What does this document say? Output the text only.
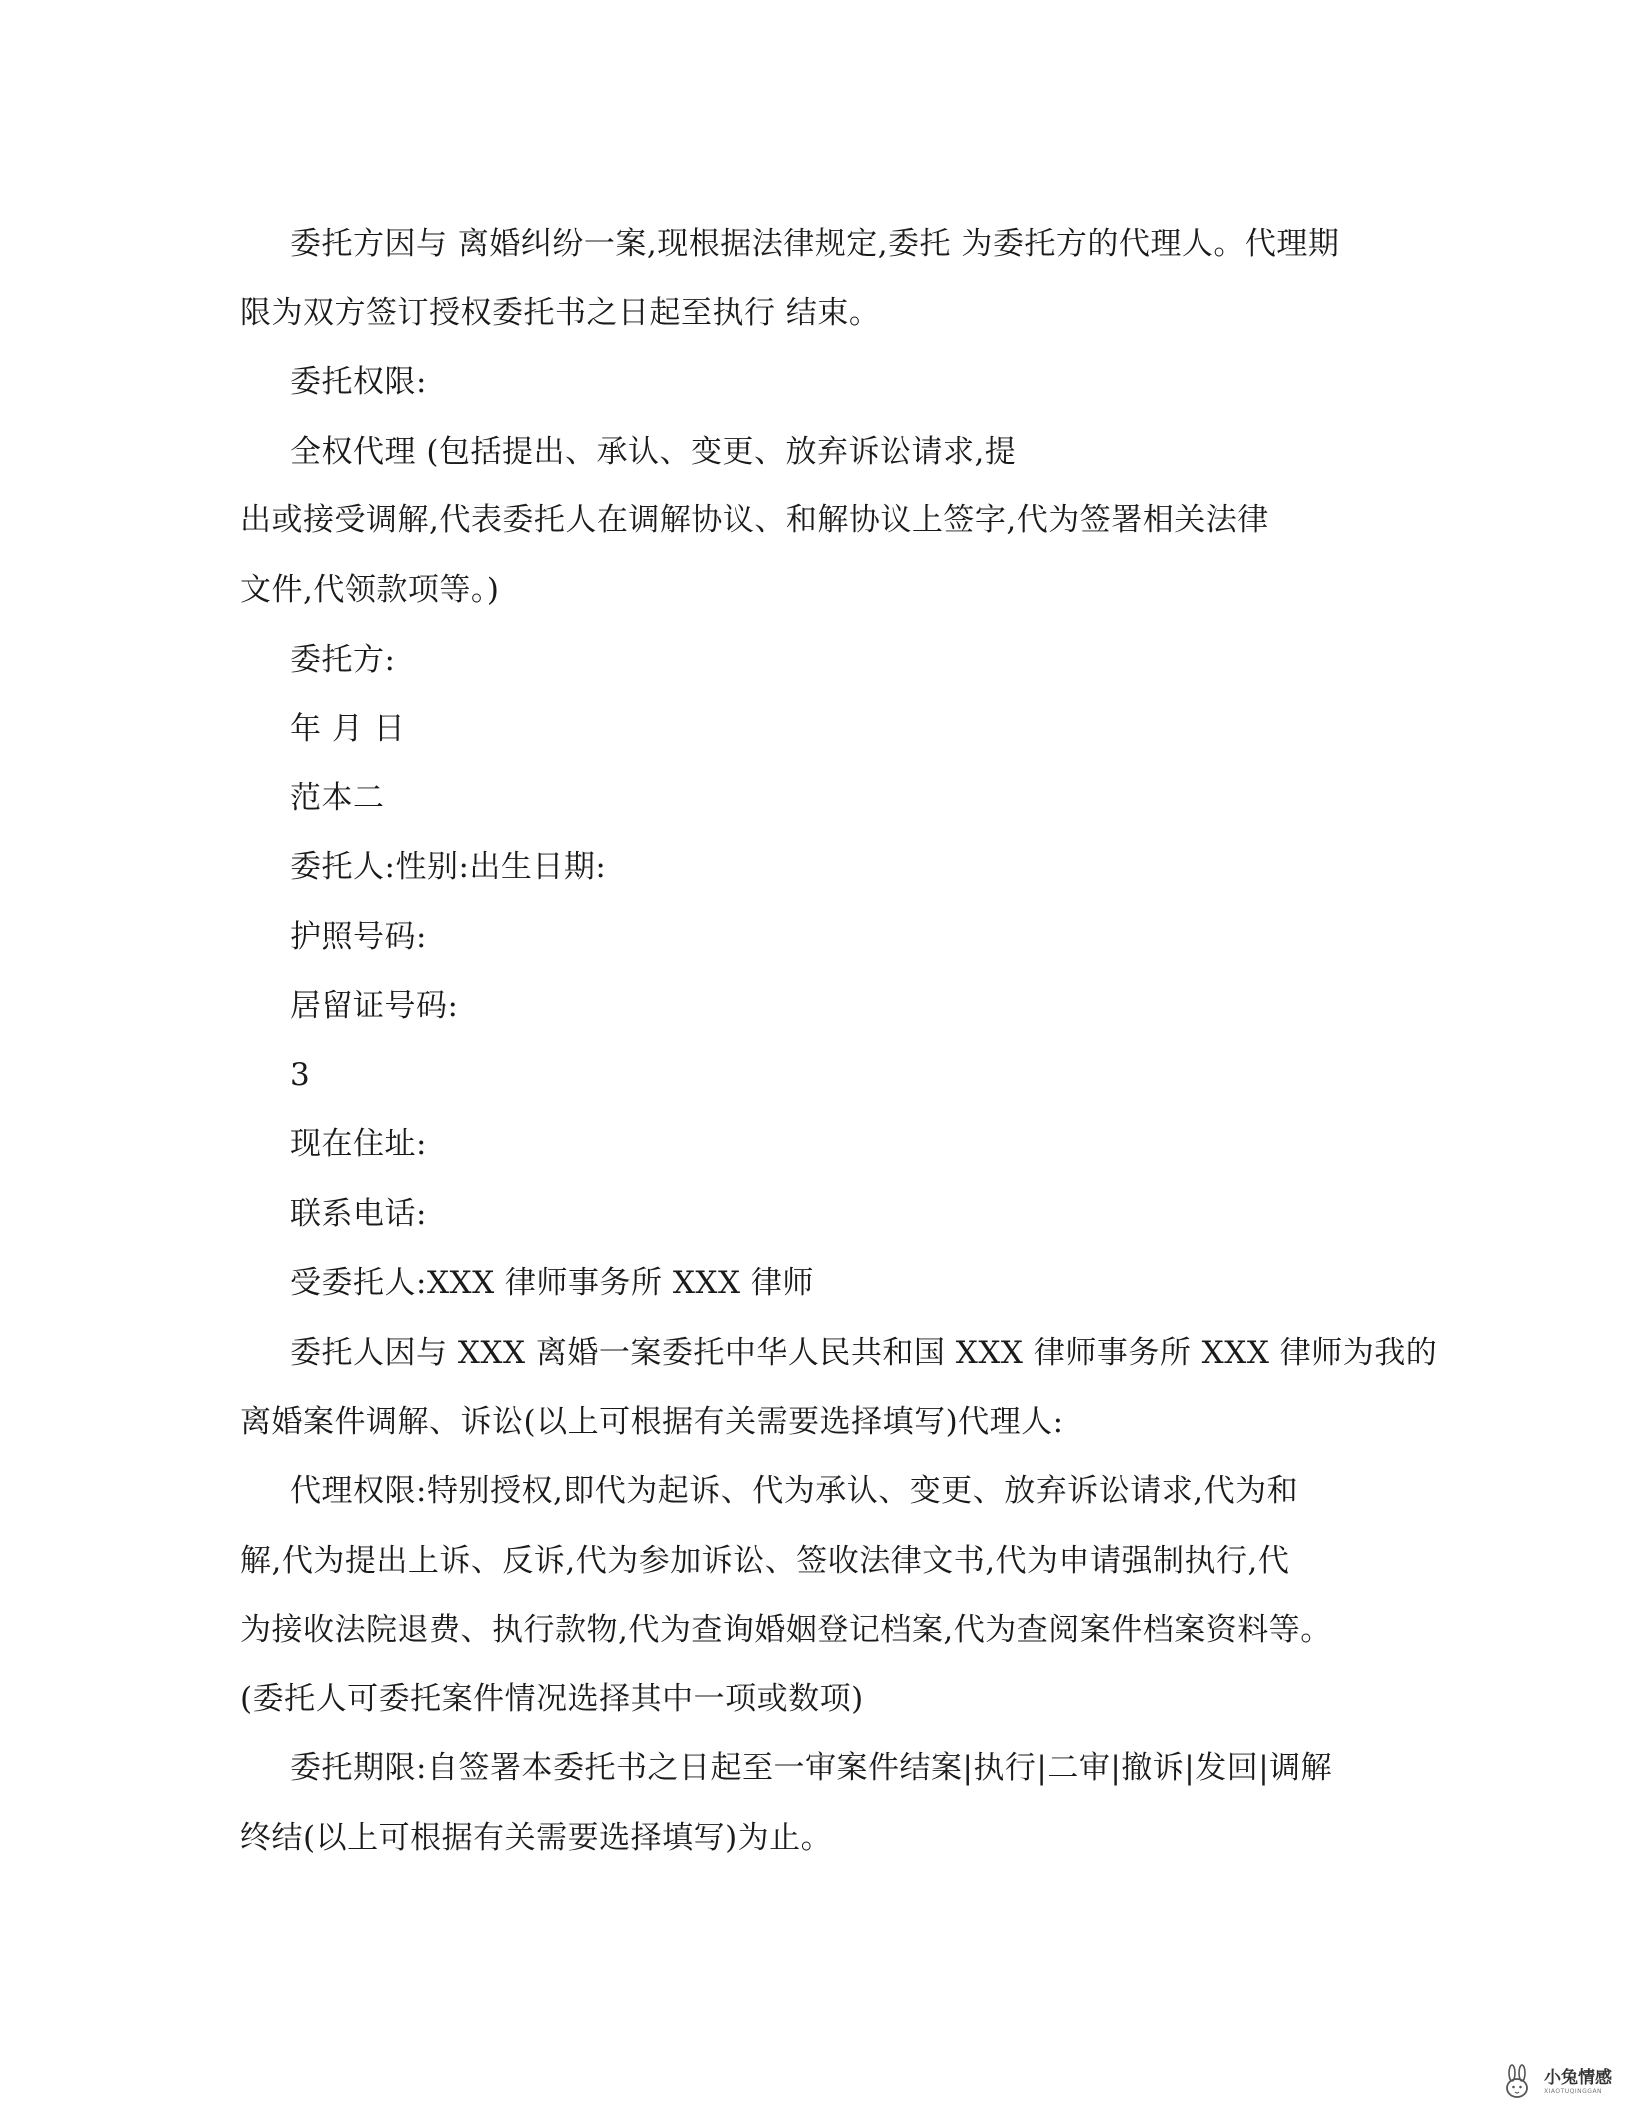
委托方因与 离婚纠纷一案,现根据法律规定,委托 为委托方的代理人。代理期
限为双方签订授权委托书之日起至执行 结束。
委托权限:
全权代理 (包括提出、承认、变更、放弃诉讼请求,提
出或接受调解,代表委托人在调解协议、和解协议上签字,代为签署相关法律
文件,代领款项等。)
委托方:
年 月 日
范本二
委托人:性别:出生日期:
护照号码:
居留证号码:
3
现在住址:
联系电话:
受委托人:XXX 律师事务所 XXX 律师
委托人因与 XXX 离婚一案委托中华人民共和国 XXX 律师事务所 XXX 律师为我的
离婚案件调解、诉讼(以上可根据有关需要选择填写)代理人:
代理权限:特别授权,即代为起诉、代为承认、变更、放弃诉讼请求,代为和
解,代为提出上诉、反诉,代为参加诉讼、签收法律文书,代为申请强制执行,代
为接收法院退费、执行款物,代为查询婚姻登记档案,代为查阅案件档案资料等。
(委托人可委托案件情况选择其中一项或数项)
委托期限:自签署本委托书之日起至一审案件结案|执行|二审|撤诉|发回|调解
终结(以上可根据有关需要选择填写)为止。
小兔情感
XIAOTUQINGGAN
